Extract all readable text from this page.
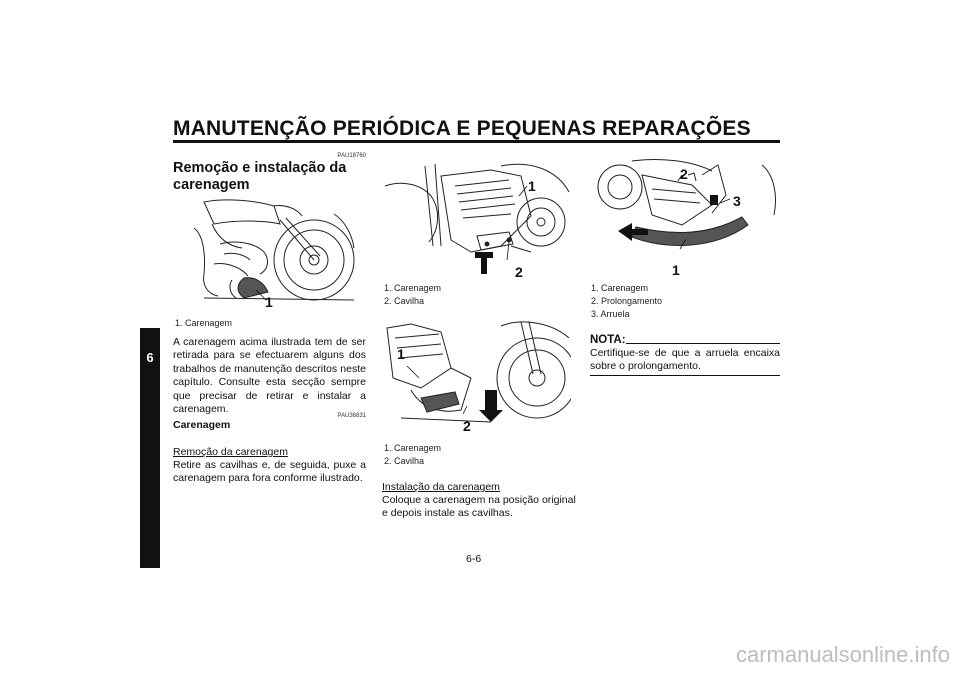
MANUTENÇÃO PERIÓDICA E PEQUENAS REPARAÇÕES
6
PAU18760
Remoção e instalação da carenagem
1
1. Carenagem
A carenagem acima ilustrada tem de ser retirada para se efectuarem alguns dos trabalhos de manutenção descritos neste capítulo. Consulte esta secção sempre que precisar de retirar e instalar a carenagem.
PAU36831
Carenagem
Remoção da carenagem
Retire as cavilhas e, de seguida, puxe a carenagem para fora conforme ilustrado.
1
2
1. Carenagem
2. Cavilha
1
2
1. Carenagem
2. Cavilha
Instalação da carenagem
Coloque a carenagem na posição original e depois instale as cavilhas.
2
3
1
1. Carenagem
2. Prolongamento
3. Arruela
NOTA:
Certifique-se de que a arruela encaixa sobre o prolongamento.
6-6
carmanualsonline.info
